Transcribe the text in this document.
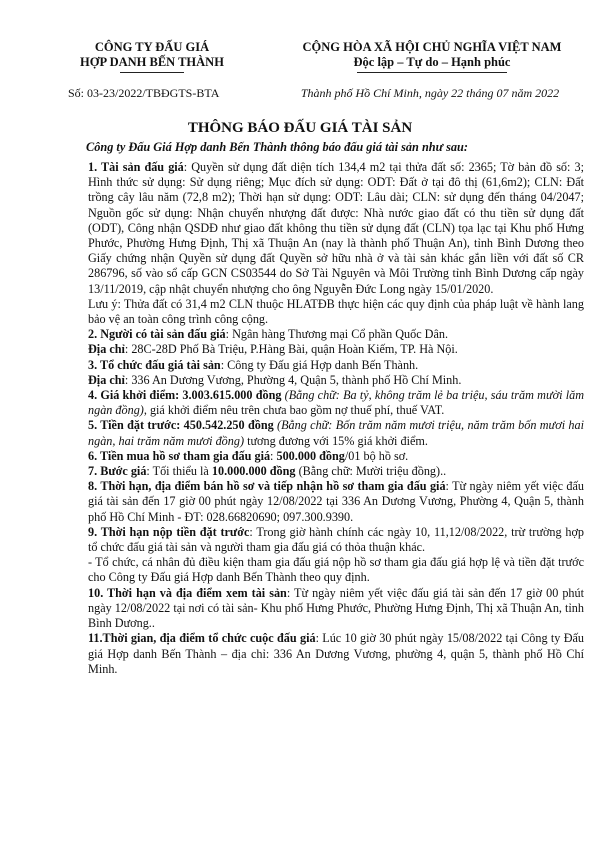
CÔNG TY ĐẤU GIÁ
HỢP DANH BẾN THÀNH
CỘNG HÒA XÃ HỘI CHỦ NGHĨA VIỆT NAM
Độc lập – Tự do – Hạnh phúc
Số: 03-23/2022/TBĐGTS-BTA	Thành phố Hồ Chí Minh, ngày 22 tháng 07 năm 2022
THÔNG BÁO ĐẤU GIÁ TÀI SẢN
Công ty Đấu Giá Hợp danh Bến Thành thông báo đấu giá tài sản như sau:

1. Tài sản đấu giá: Quyền sử dụng đất diện tích 134,4 m2 tại thửa đất số: 2365; Tờ bản đồ số: 3; Hình thức sử dụng: Sử dụng riêng; Mục đích sử dụng: ODT: Đất ở tại đô thị (61,6m2); CLN: Đất trồng cây lâu năm (72,8 m2); Thời hạn sử dụng: ODT: Lâu dài; CLN: sử dụng đến tháng 04/2047; Nguồn gốc sử dụng: Nhận chuyển nhượng đất được: Nhà nước giao đất có thu tiền sử dụng đất (ODT), Công nhận QSDĐ như giao đất không thu tiền sử dụng đất (CLN) tọa lạc tại Khu phố Hưng Phước, Phường Hưng Định, Thị xã Thuận An (nay là thành phố Thuận An), tỉnh Bình Dương theo Giấy chứng nhận Quyền sử dụng đất Quyền sở hữu nhà ở và tài sản khác gắn liền với đất số CR 286796, số vào sổ cấp GCN CS03544 do Sở Tài Nguyên và Môi Trường tỉnh Bình Dương cấp ngày 13/11/2019, cập nhật chuyển nhượng cho ông Nguyễn Đức Long ngày 15/01/2020.

Lưu ý: Thửa đất có 31,4 m2 CLN thuộc HLATĐB thực hiện các quy định của pháp luật về hành lang bảo vệ an toàn công trình công cộng.

2. Người có tài sản đấu giá: Ngân hàng Thương mại Cổ phần Quốc Dân.

Địa chỉ: 28C-28D Phố Bà Triệu, P.Hàng Bài, quận Hoàn Kiếm, TP. Hà Nội.

3. Tổ chức đấu giá tài sản: Công ty Đấu giá Hợp danh Bến Thành.

Địa chỉ: 336 An Dương Vương, Phường 4, Quận 5, thành phố Hồ Chí Minh.

4. Giá khởi điểm: 3.003.615.000 đồng (Bằng chữ: Ba tỷ, không trăm lẻ ba triệu, sáu trăm mười lăm ngàn đồng), giá khởi điểm nêu trên chưa bao gồm nợ thuế phí, thuế VAT.

5. Tiền đặt trước: 450.542.250 đồng (Bằng chữ: Bốn trăm năm mươi triệu, năm trăm bốn mươi hai ngàn, hai trăm năm mươi đồng) tương đương với 15% giá khởi điểm.

6. Tiền mua hồ sơ tham gia đấu giá: 500.000 đồng/01 bộ hồ sơ.

7. Bước giá: Tối thiểu là 10.000.000 đồng (Bằng chữ: Mười triệu đồng)..

8. Thời hạn, địa điểm bán hồ sơ và tiếp nhận hồ sơ tham gia đấu giá: Từ ngày niêm yết việc đấu giá tài sản đến 17 giờ 00 phút ngày 12/08/2022 tại 336 An Dương Vương, Phường 4, Quận 5, thành phố Hồ Chí Minh - ĐT: 028.66820690; 097.300.9390.

9. Thời hạn nộp tiền đặt trước: Trong giờ hành chính các ngày 10, 11,12/08/2022, trừ trường hợp tổ chức đấu giá tài sản và người tham gia đấu giá có thỏa thuận khác.

- Tổ chức, cá nhân đủ điều kiện tham gia đấu giá nộp hồ sơ tham gia đấu giá hợp lệ và tiền đặt trước cho Công ty Đấu giá Hợp danh Bến Thành theo quy định.

10. Thời hạn và địa điểm xem tài sản: Từ ngày niêm yết việc đấu giá tài sản đến 17 giờ 00 phút ngày 12/08/2022 tại nơi có tài sản- Khu phố Hưng Phước, Phường Hưng Định, Thị xã Thuận An, tỉnh Bình Dương..

11.Thời gian, địa điểm tổ chức cuộc đấu giá: Lúc 10 giờ 30 phút ngày 15/08/2022 tại Công ty Đấu giá Hợp danh Bến Thành – địa chỉ: 336 An Dương Vương, phường 4, quận 5, thành phố Hồ Chí Minh.
